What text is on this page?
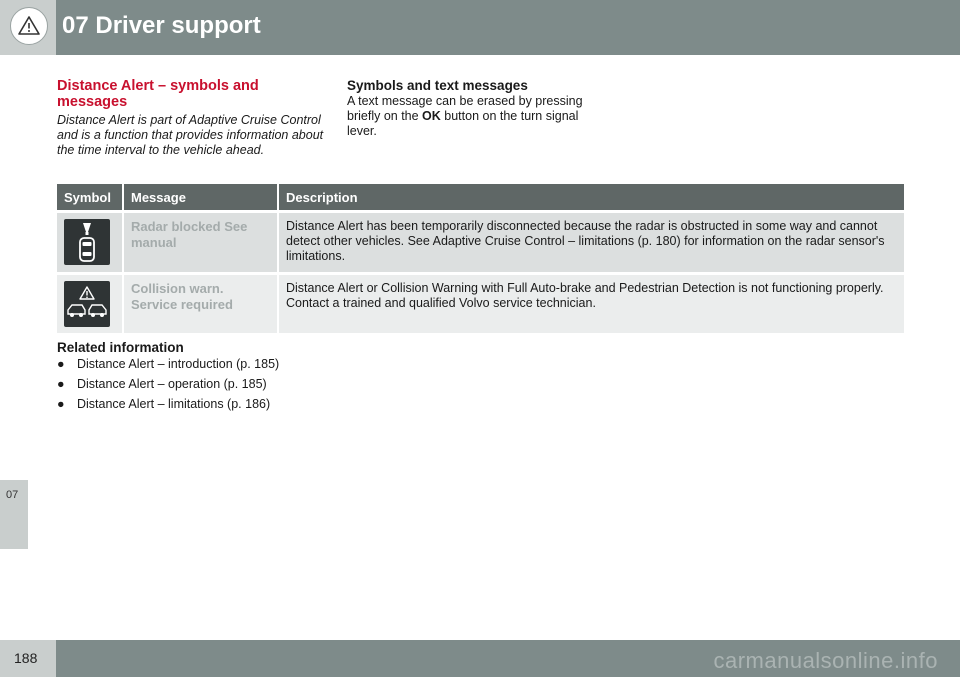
07 Driver support
07

Distance Alert – symbols and messages

Distance Alert is part of Adaptive Cruise Control and is a function that provides information about the time interval to the vehicle ahead.

Symbols and text messages

A text message can be erased by pressing briefly on the OK button on the turn signal lever.

Symbol	Message	Description

	Radar blocked See manual	Distance Alert has been temporarily disconnected because the radar is obstructed in some way and cannot detect other vehicles. See Adaptive Cruise Control – limitations (p. 180) for information on the radar sensor's limitations.

	Collision warn. Service required	Distance Alert or Collision Warning with Full Auto-brake and Pedestrian Detection is not functioning properly. Contact a trained and qualified Volvo service technician.

Related information

● Distance Alert – introduction (p. 185)
● Distance Alert – operation (p. 185)
● Distance Alert – limitations (p. 186)
188	carmanualsonline.info
